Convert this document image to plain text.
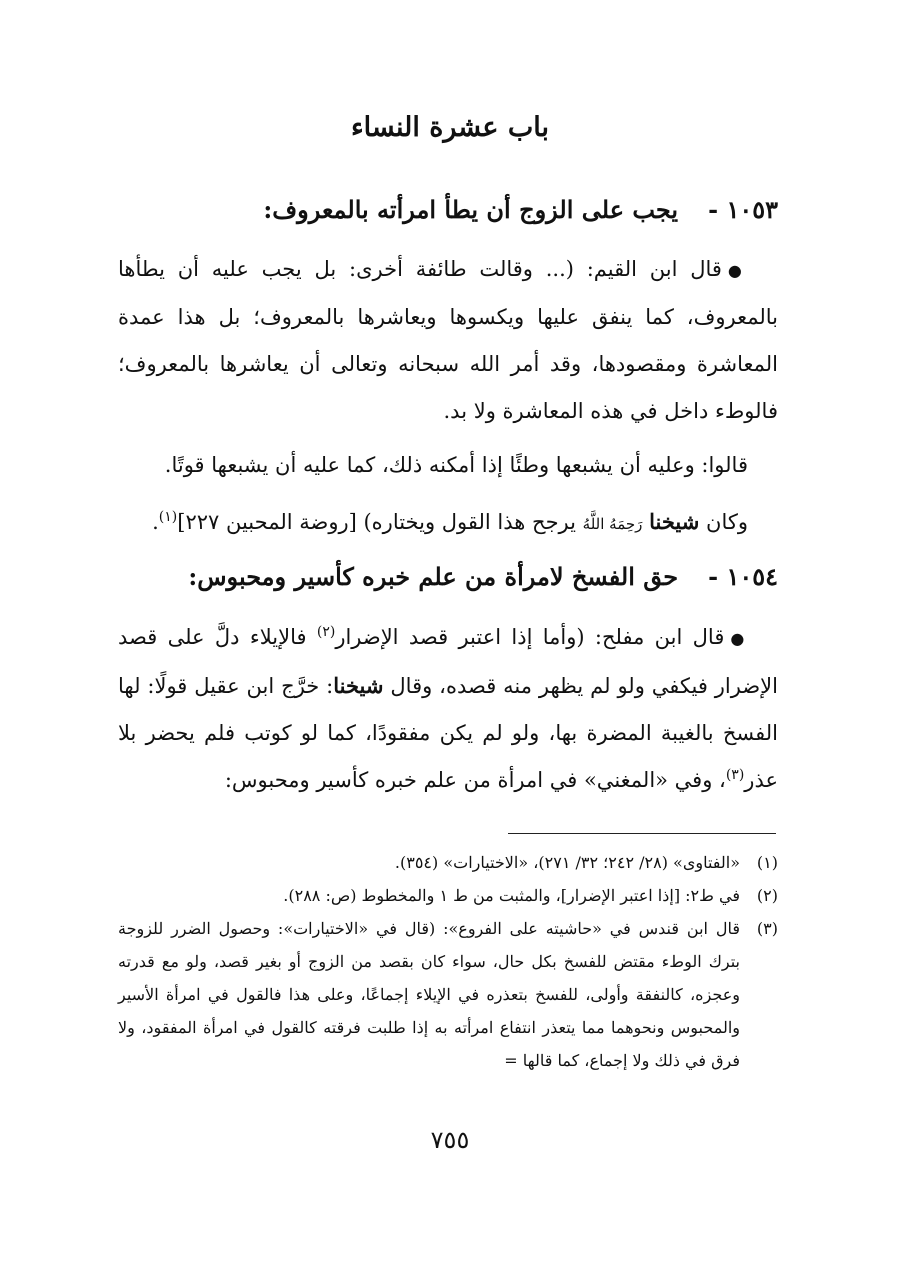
باب عشرة النساء
١٠٥٣ -يجب على الزوج أن يطأ امرأته بالمعروف:
●قال ابن القيم: (... وقالت طائفة أخرى: بل يجب عليه أن يطأها بالمعروف، كما ينفق عليها ويكسوها ويعاشرها بالمعروف؛ بل هذا عمدة المعاشرة ومقصودها، وقد أمر الله سبحانه وتعالى أن يعاشرها بالمعروف؛ فالوطء داخل في هذه المعاشرة ولا بد.
قالوا: وعليه أن يشبعها وطئًا إذا أمكنه ذلك، كما عليه أن يشبعها قوتًا.
وكان شيخنا رَحِمَهُ اللَّهُ يرجح هذا القول ويختاره) [روضة المحبين ٢٢٧]$^{(١)}$.
١٠٥٤ -حق الفسخ لامرأة من علم خبره كأسير ومحبوس:
●قال ابن مفلح: (وأما إذا اعتبر قصد الإضرار$^{(٢)}$ فالإيلاء دلَّ على قصد الإضرار فيكفي ولو لم يظهر منه قصده، وقال شيخنا: خرَّج ابن عقيل قولًا: لها الفسخ بالغيبة المضرة بها، ولو لم يكن مفقودًا، كما لو كوتب فلم يحضر بلا عذر$^{(٣)}$، وفي «المغني» في امرأة من علم خبره كأسير ومحبوس:
(١)
«الفتاوى» (٢٨/ ٢٤٢؛ ٣٢/ ٢٧١)، «الاختيارات» (٣٥٤).
(٢)
في ط٢: [إذا اعتبر الإضرار]، والمثبت من ط ١ والمخطوط (ص: ٢٨٨).
(٣)
قال ابن قندس في «حاشيته على الفروع»: (قال في «الاختيارات»: وحصول الضرر للزوجة بترك الوطء مقتض للفسخ بكل حال، سواء كان بقصد من الزوج أو بغير قصد، ولو مع قدرته وعجزه، كالنفقة وأولى، للفسخ بتعذره في الإيلاء إجماعًا، وعلى هذا فالقول في امرأة الأسير والمحبوس ونحوهما مما يتعذر انتفاع امرأته به إذا طلبت فرقته كالقول في امرأة المفقود، ولا فرق في ذلك ولا إجماع، كما قالها =
٧٥٥
